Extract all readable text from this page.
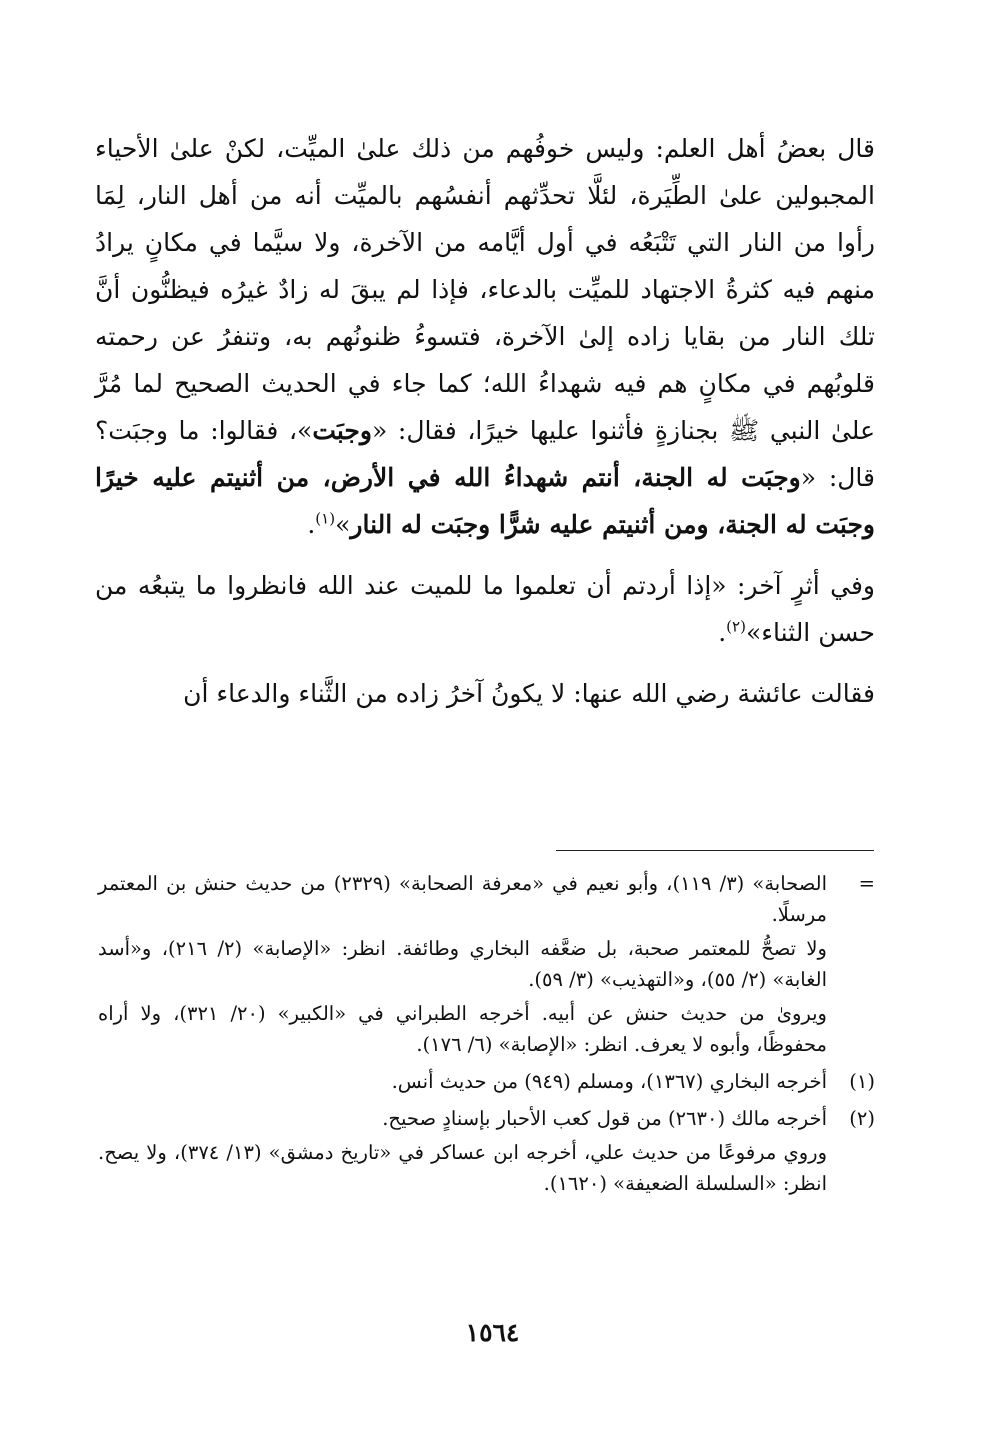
قال بعضُ أهل العلم: وليس خوفُهم من ذلك علىٰ الميِّت، لكنْ علىٰ الأحياء المجبولين علىٰ الطِّيَرة، لئلَّا تحدِّثهم أنفسُهم بالميِّت أنه من أهل النار، لِمَا رأوا من النار التي تَتْبَعُه في أول أيَّامه من الآخرة، ولا سيَّما في مكانٍ يرادُ منهم فيه كثرةُ الاجتهاد للميِّت بالدعاء، فإذا لم يبقَ له زادٌ غيرُه فيظنُّون أنَّ تلك النار من بقايا زاده إلىٰ الآخرة، فتسوءُ ظنونُهم به، وتنفرُ عن رحمته قلوبُهم في مكانٍ هم فيه شهداءُ الله؛ كما جاء في الحديث الصحيح لما مُرَّ علىٰ النبي ﷺ بجنازةٍ فأثنوا عليها خيرًا، فقال: «وجبَت»، فقالوا: ما وجبَت؟ قال: «وجبَت له الجنة، أنتم شهداءُ الله في الأرض، من أثنيتم عليه خيرًا وجبَت له الجنة، ومن أثنيتم عليه شرًّا وجبَت له النار»$^{(١)}$.

وفي أثرٍ آخر: «إذا أردتم أن تعلموا ما للميت عند الله فانظروا ما يتبعُه من حسن الثناء»$^{(٢)}$.

فقالت عائشة رضي الله عنها: لا يكونُ آخرُ زاده من الثَّناء والدعاء أن

=

الصحابة» (٣/ ١١٩)، وأبو نعيم في «معرفة الصحابة» (٢٣٢٩) من حديث حنش بن المعتمر مرسلًا.

ولا تصحُّ للمعتمر صحبة، بل ضعَّفه البخاري وطائفة. انظر: «الإصابة» (٢/ ٢١٦)، و«أسد الغابة» (٢/ ٥٥)، و«التهذيب» (٣/ ٥٩).

ويروىٰ من حديث حنش عن أبيه. أخرجه الطبراني في «الكبير» (٢٠/ ٣٢١)، ولا أراه محفوظًا، وأبوه لا يعرف. انظر: «الإصابة» (٦/ ١٧٦).

(١)

أخرجه البخاري (١٣٦٧)، ومسلم (٩٤٩) من حديث أنس.

(٢)

أخرجه مالك (٢٦٣٠) من قول كعب الأحبار بإسنادٍ صحيح.

وروي مرفوعًا من حديث علي، أخرجه ابن عساكر في «تاريخ دمشق» (١٣/ ٣٧٤)، ولا يصح. انظر: «السلسلة الضعيفة» (١٦٢٠).

١٥٦٤
